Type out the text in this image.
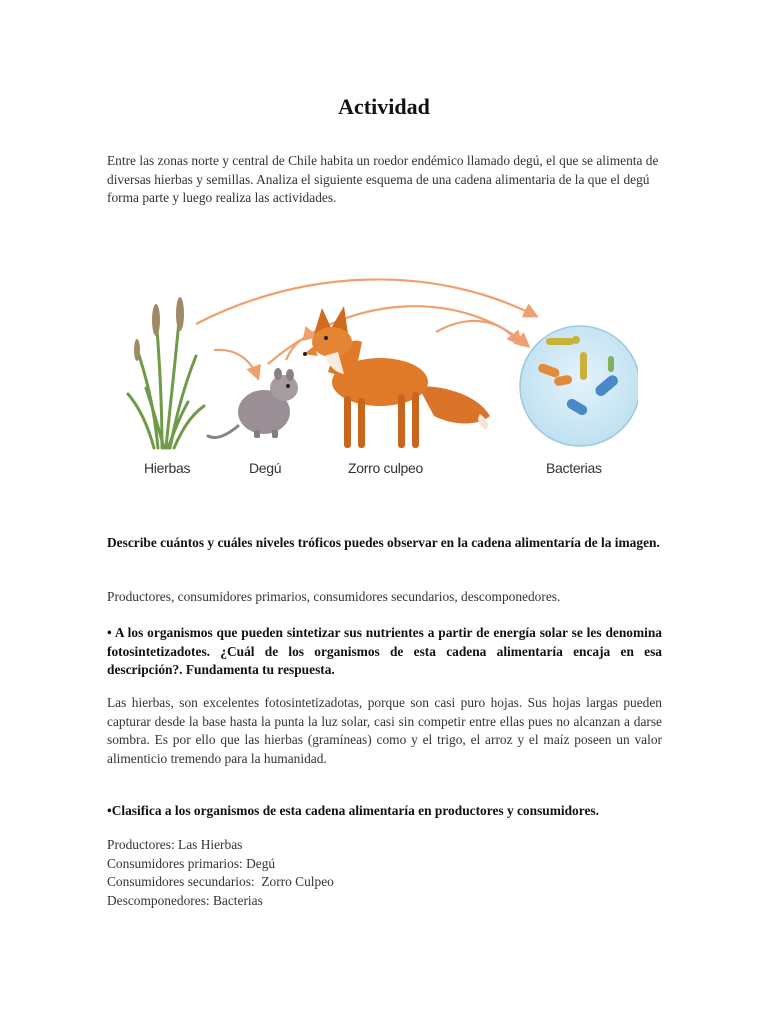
Actividad
Entre las zonas norte y central de Chile habita un roedor endémico llamado degú, el que se alimenta de diversas hierbas y semillas. Analiza el siguiente esquema de una cadena alimentaria de la que el degú forma parte y luego realiza las actividades.
Hierbas	Degú	Zorro culpeo	Bacterias
Describe cuántos y cuáles niveles tróficos puedes observar en la cadena alimentaría de la imagen.
Productores, consumidores primarios, consumidores secundarios, descomponedores.
• A los organismos que pueden sintetizar sus nutrientes a partir de energía solar se les denomina fotosintetizadotes. ¿Cuál de los organismos de esta cadena alimentaría encaja en esa descripción?. Fundamenta tu respuesta.
Las hierbas, son excelentes fotosintetizadotas, porque son casi puro hojas. Sus hojas largas pueden capturar desde la base hasta la punta la luz solar, casi sin competir entre ellas pues no alcanzan a darse sombra. Es por ello que las hierbas (gramíneas) como y el trigo, el arroz y el maíz poseen un valor alimenticio tremendo para la humanidad.
•Clasifica a los organismos de esta cadena alimentaría en productores y consumidores.
Productores: Las Hierbas
Consumidores primarios: Degú
Consumidores secundarios:  Zorro Culpeo
Descomponedores: Bacterias
